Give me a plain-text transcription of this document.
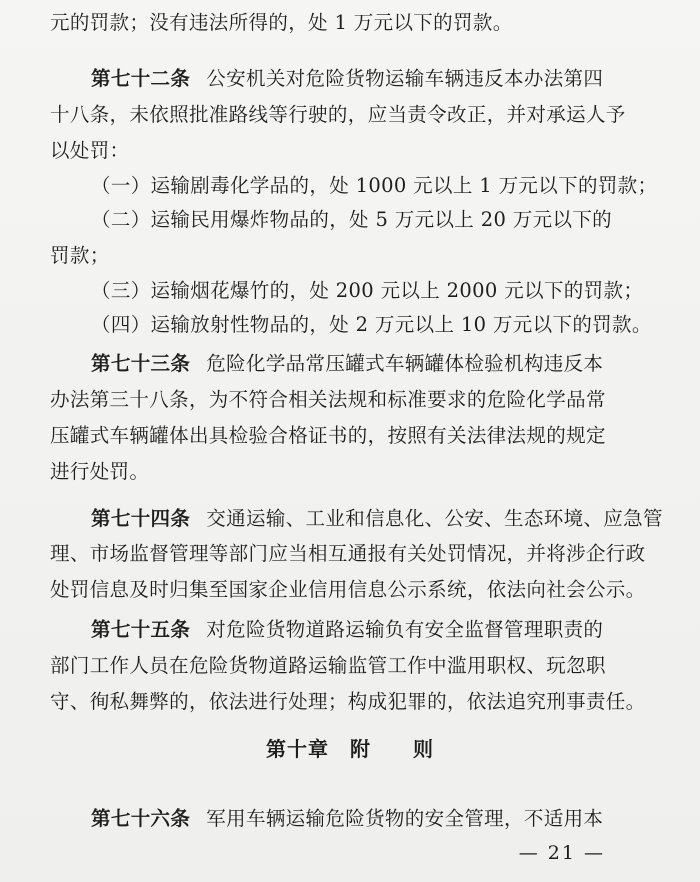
元的罚款；没有违法所得的，处 1 万元以下的罚款。
第七十二条 公安机关对危险货物运输车辆违反本办法第四
十八条，未依照批准路线等行驶的，应当责令改正，并对承运人予
以处罚：
（一）运输剧毒化学品的，处 1000 元以上 1 万元以下的罚款；
（二）运输民用爆炸物品的，处 5 万元以上 20 万元以下的
罚款；
（三）运输烟花爆竹的，处 200 元以上 2000 元以下的罚款；
（四）运输放射性物品的，处 2 万元以上 10 万元以下的罚款。
第七十三条 危险化学品常压罐式车辆罐体检验机构违反本
办法第三十八条，为不符合相关法规和标准要求的危险化学品常
压罐式车辆罐体出具检验合格证书的，按照有关法律法规的规定
进行处罚。
第七十四条 交通运输、工业和信息化、公安、生态环境、应急管
理、市场监督管理等部门应当相互通报有关处罚情况，并将涉企行政
处罚信息及时归集至国家企业信用信息公示系统，依法向社会公示。
第七十五条 对危险货物道路运输负有安全监督管理职责的
部门工作人员在危险货物道路运输监管工作中滥用职权、玩忽职
守、徇私舞弊的，依法进行处理；构成犯罪的，依法追究刑事责任。
第十章　附　　则
第七十六条 军用车辆运输危险货物的安全管理，不适用本
— 21 —
